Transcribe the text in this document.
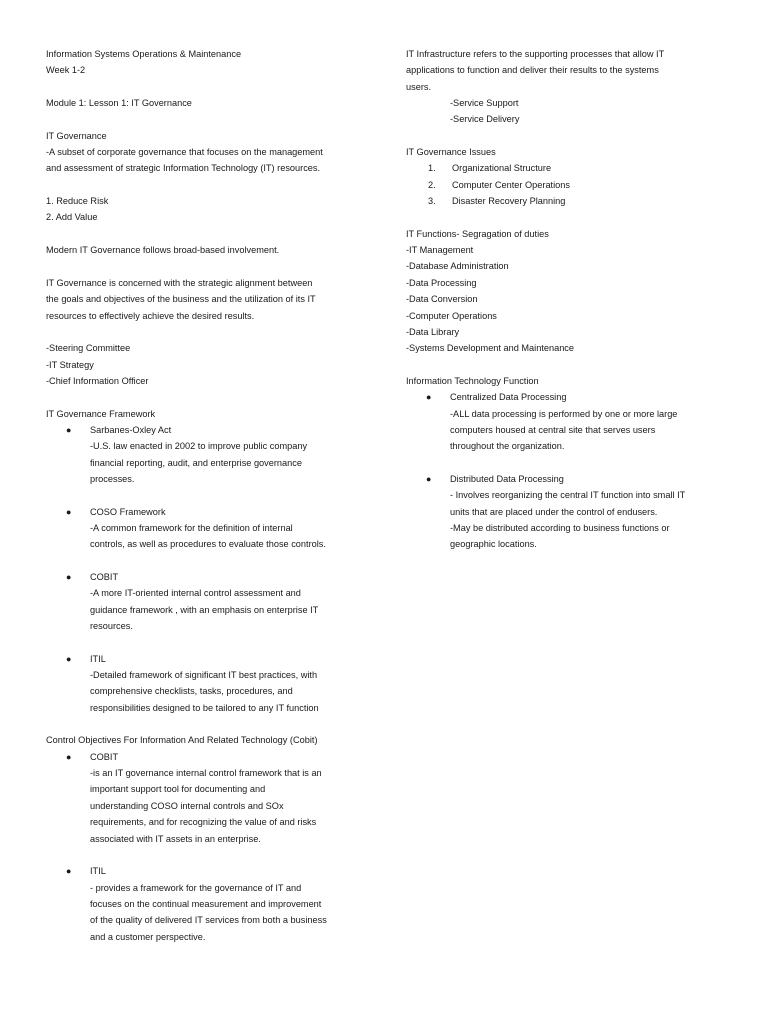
Information Systems Operations & Maintenance
Week 1-2
Module 1: Lesson 1: IT Governance
IT Governance
-A subset of corporate governance that focuses on the management
and assessment of strategic Information Technology (IT) resources.
1. Reduce Risk
2. Add Value
Modern IT Governance follows broad-based involvement.
IT Governance is concerned with the strategic alignment between
the goals and objectives of the business and the utilization of its IT
resources to effectively achieve the desired results.
-Steering Committee
-IT Strategy
-Chief Information Officer
IT Governance Framework
● Sarbanes-Oxley Act
-U.S. law enacted in 2002 to improve public company
financial reporting, audit, and enterprise governance
processes.
● COSO Framework
-A common framework for the definition of internal
controls, as well as procedures to evaluate those controls.
● COBIT
-A more IT-oriented internal control assessment and
guidance framework , with an emphasis on enterprise IT
resources.
● ITIL
-Detailed framework of significant IT best practices, with
comprehensive checklists, tasks, procedures, and
responsibilities designed to be tailored to any IT function
Control Objectives For Information And Related Technology (Cobit)
● COBIT
-is an IT governance internal control framework that is an
important support tool for documenting and
understanding COSO internal controls and SOx
requirements, and for recognizing the value of and risks
associated with IT assets in an enterprise.
● ITIL
- provides a framework for the governance of IT and
focuses on the continual measurement and improvement
of the quality of delivered IT services from both a business
and a customer perspective.
IT Infrastructure refers to the supporting processes that allow IT
applications to function and deliver their results to the systems
users.
-Service Support
-Service Delivery
IT Governance Issues
1. Organizational Structure
2. Computer Center Operations
3. Disaster Recovery Planning
IT Functions- Segragation of duties
-IT Management
-Database Administration
-Data Processing
-Data Conversion
-Computer Operations
-Data Library
-Systems Development and Maintenance
Information Technology Function
● Centralized Data Processing
-ALL data processing is performed by one or more large
computers housed at central site that serves users
throughout the organization.
● Distributed Data Processing
- Involves reorganizing the central IT function into small IT
units that are placed under the control of endusers.
-May be distributed according to business functions or
geographic locations.
